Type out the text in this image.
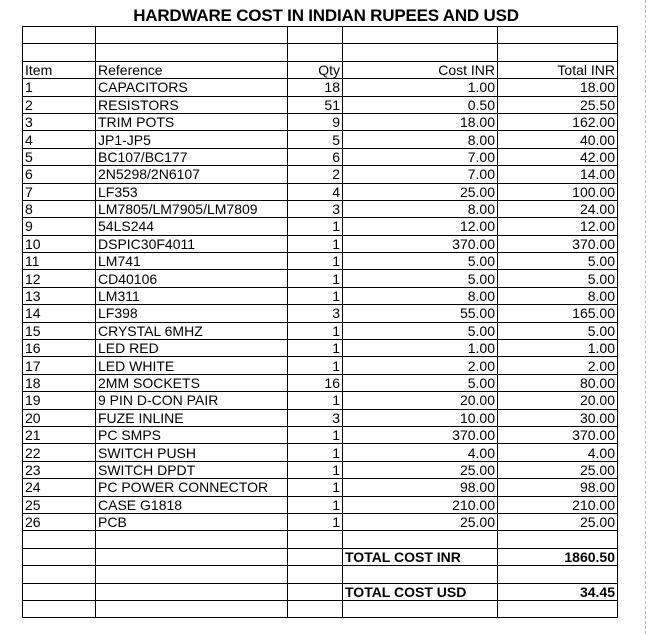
HARDWARE COST IN INDIAN RUPEES AND USD

Item	Reference	Qty	Cost INR	Total INR
1	CAPACITORS	18	1.00	18.00
2	RESISTORS	51	0.50	25.50
3	TRIM POTS	9	18.00	162.00
4	JP1-JP5	5	8.00	40.00
5	BC107/BC177	6	7.00	42.00
6	2N5298/2N6107	2	7.00	14.00
7	LF353	4	25.00	100.00
8	LM7805/LM7905/LM7809	3	8.00	24.00
9	54LS244	1	12.00	12.00
10	DSPIC30F4011	1	370.00	370.00
11	LM741	1	5.00	5.00
12	CD40106	1	5.00	5.00
13	LM311	1	8.00	8.00
14	LF398	3	55.00	165.00
15	CRYSTAL 6MHZ	1	5.00	5.00
16	LED RED	1	1.00	1.00
17	LED WHITE	1	2.00	2.00
18	2MM SOCKETS	16	5.00	80.00
19	9 PIN D-CON PAIR	1	20.00	20.00
20	FUZE INLINE	3	10.00	30.00
21	PC SMPS	1	370.00	370.00
22	SWITCH PUSH	1	4.00	4.00
23	SWITCH DPDT	1	25.00	25.00
24	PC POWER CONNECTOR	1	98.00	98.00
25	CASE G1818	1	210.00	210.00
26	PCB	1	25.00	25.00

			TOTAL COST INR	1860.50

			TOTAL COST USD	34.45
